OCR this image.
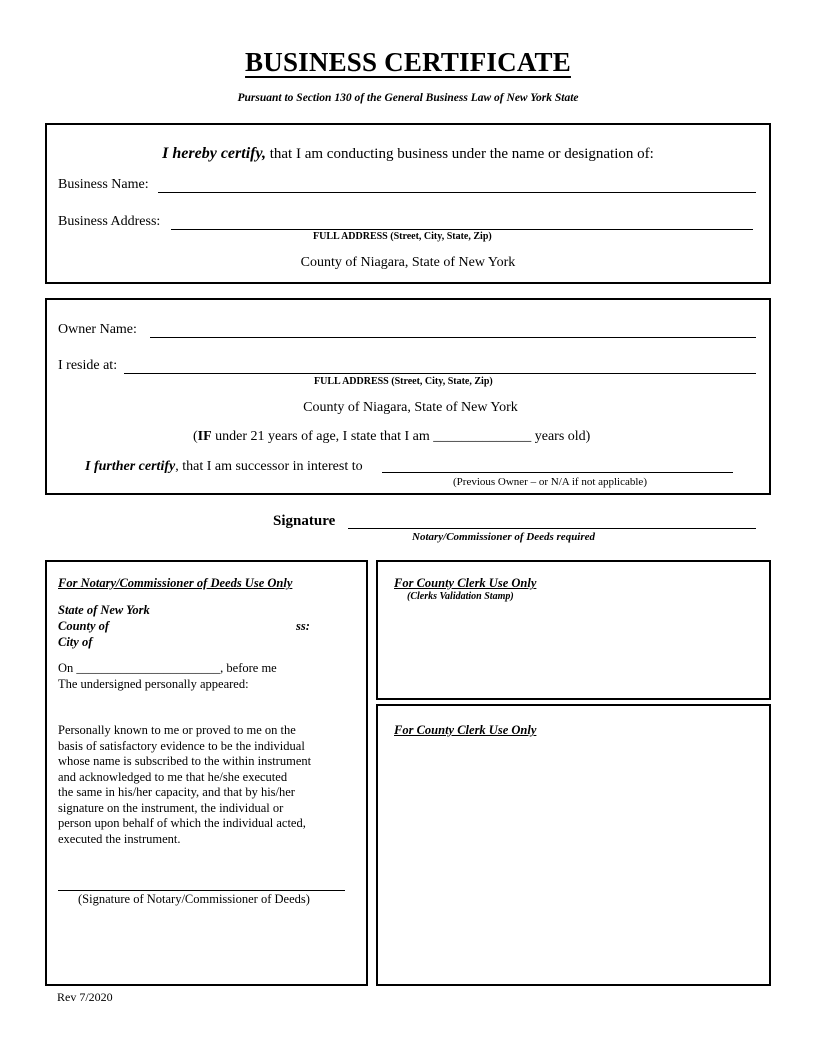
BUSINESS CERTIFICATE
Pursuant to Section 130 of the General Business Law of New York State
I hereby certify, that I am conducting business under the name or designation of:
Business Name:
Business Address:
FULL ADDRESS (Street, City, State, Zip)
County of Niagara, State of New York
Owner Name:
I reside at:
FULL ADDRESS (Street, City, State, Zip)
County of Niagara, State of New York
(IF under 21 years of age, I state that I am ______________ years old)
I further certify, that I am successor in interest to
(Previous Owner – or N/A if not applicable)
Signature
Notary/Commissioner of Deeds required
For Notary/Commissioner of Deeds Use Only
State of New York
County of	ss:
City of
On _______________________, before me
The undersigned personally appeared:
Personally known to me or proved to me on the
basis of satisfactory evidence to be the individual
whose name is subscribed to the within instrument
and acknowledged to me that he/she executed
the same in his/her capacity, and that by his/her
signature on the instrument, the individual or
person upon behalf of which the individual acted,
executed the instrument.
(Signature of Notary/Commissioner of Deeds)
For County Clerk Use Only
(Clerks Validation Stamp)
For County Clerk Use Only
Rev 7/2020
